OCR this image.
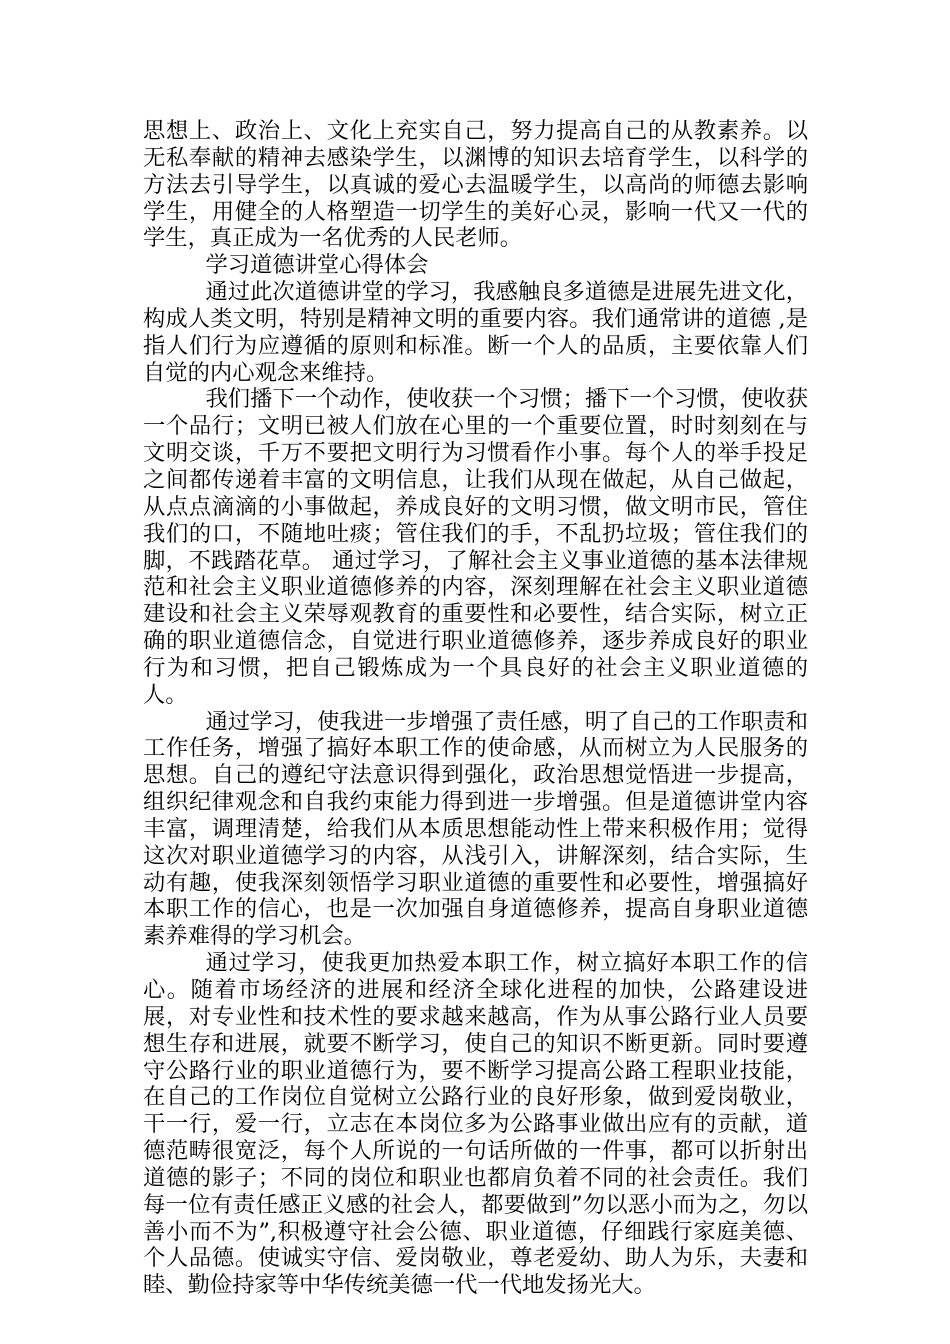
思想上、政治上、文化上充实自己，努力提高自己的从教素养。以无私奉献的精神去感染学生，以渊博的知识去培育学生，以科学的方法去引导学生，以真诚的爱心去温暖学生，以高尚的师德去影响学生，用健全的人格塑造一切学生的美好心灵，影响一代又一代的学生，真正成为一名优秀的人民老师。

学习道德讲堂心得体会

通过此次道德讲堂的学习，我感触良多道德是进展先进文化，构成人类文明，特别是精神文明的重要内容。我们通常讲的道德 ,是指人们行为应遵循的原则和标准。断一个人的品质，主要依靠人们自觉的内心观念来维持。

我们播下一个动作，使收获一个习惯；播下一个习惯，使收获一个品行；文明已被人们放在心里的一个重要位置，时时刻刻在与文明交谈，千万不要把文明行为习惯看作小事。每个人的举手投足之间都传递着丰富的文明信息，让我们从现在做起，从自己做起，从点点滴滴的小事做起，养成良好的文明习惯，做文明市民，管住我们的口，不随地吐痰；管住我们的手，不乱扔垃圾；管住我们的脚，不践踏花草。 通过学习，了解社会主义事业道德的基本法律规范和社会主义职业道德修养的内容，深刻理解在社会主义职业道德建设和社会主义荣辱观教育的重要性和必要性，结合实际，树立正确的职业道德信念，自觉进行职业道德修养，逐步养成良好的职业行为和习惯，把自己锻炼成为一个具良好的社会主义职业道德的人。

通过学习，使我进一步增强了责任感，明了自己的工作职责和工作任务，增强了搞好本职工作的使命感，从而树立为人民服务的思想。自己的遵纪守法意识得到强化，政治思想觉悟进一步提高，组织纪律观念和自我约束能力得到进一步增强。但是道德讲堂内容丰富，调理清楚，给我们从本质思想能动性上带来积极作用；觉得这次对职业道德学习的内容，从浅引入，讲解深刻，结合实际，生动有趣，使我深刻领悟学习职业道德的重要性和必要性，增强搞好本职工作的信心，也是一次加强自身道德修养，提高自身职业道德素养难得的学习机会。

通过学习，使我更加热爱本职工作，树立搞好本职工作的信心。随着市场经济的进展和经济全球化进程的加快，公路建设进展，对专业性和技术性的要求越来越高，作为从事公路行业人员要想生存和进展，就要不断学习，使自己的知识不断更新。同时要遵守公路行业的职业道德行为，要不断学习提高公路工程职业技能，在自己的工作岗位自觉树立公路行业的良好形象，做到爱岗敬业，干一行，爱一行，立志在本岗位多为公路事业做出应有的贡献，道德范畴很宽泛，每个人所说的一句话所做的一件事，都可以折射出道德的影子；不同的岗位和职业也都肩负着不同的社会责任。我们每一位有责任感正义感的社会人，都要做到”勿以恶小而为之，勿以善小而不为”,积极遵守社会公德、职业道德，仔细践行家庭美德、个人品德。使诚实守信、爱岗敬业，尊老爱幼、助人为乐，夫妻和睦、勤俭持家等中华传统美德一代一代地发扬光大。
